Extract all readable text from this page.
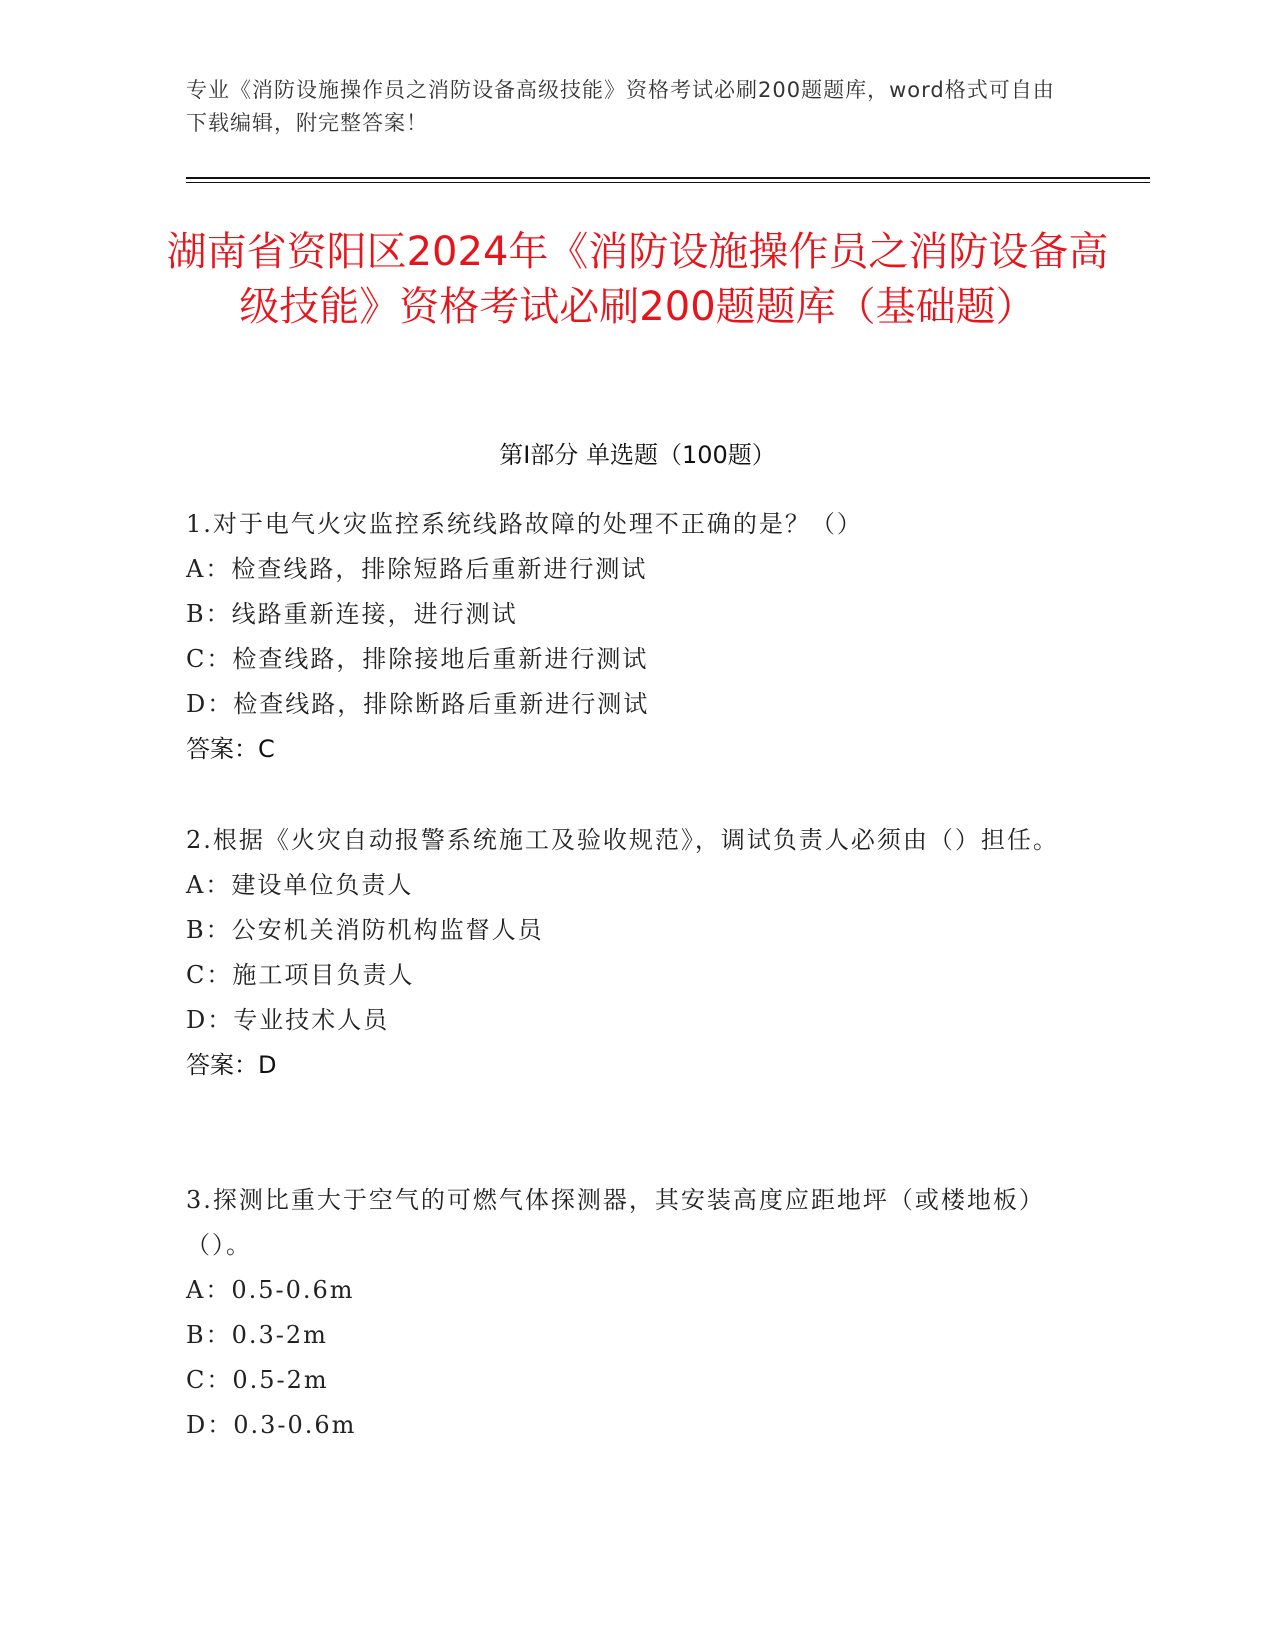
专业《消防设施操作员之消防设备高级技能》资格考试必刷200题题库，word格式可自由下载编辑，附完整答案！
湖南省资阳区2024年《消防设施操作员之消防设备高级技能》资格考试必刷200题题库（基础题）
第I部分 单选题（100题）

1.对于电气火灾监控系统线路故障的处理不正确的是？（）

A：检查线路，排除短路后重新进行测试

B：线路重新连接，进行测试

C：检查线路，排除接地后重新进行测试

D：检查线路，排除断路后重新进行测试

答案：C

2.根据《火灾自动报警系统施工及验收规范》，调试负责人必须由（）担任。

A：建设单位负责人

B：公安机关消防机构监督人员

C：施工项目负责人

D：专业技术人员

答案：D

3.探测比重大于空气的可燃气体探测器，其安装高度应距地坪（或楼地板）（）。

A：0.5-0.6m

B：0.3-2m

C：0.5-2m

D：0.3-0.6m
